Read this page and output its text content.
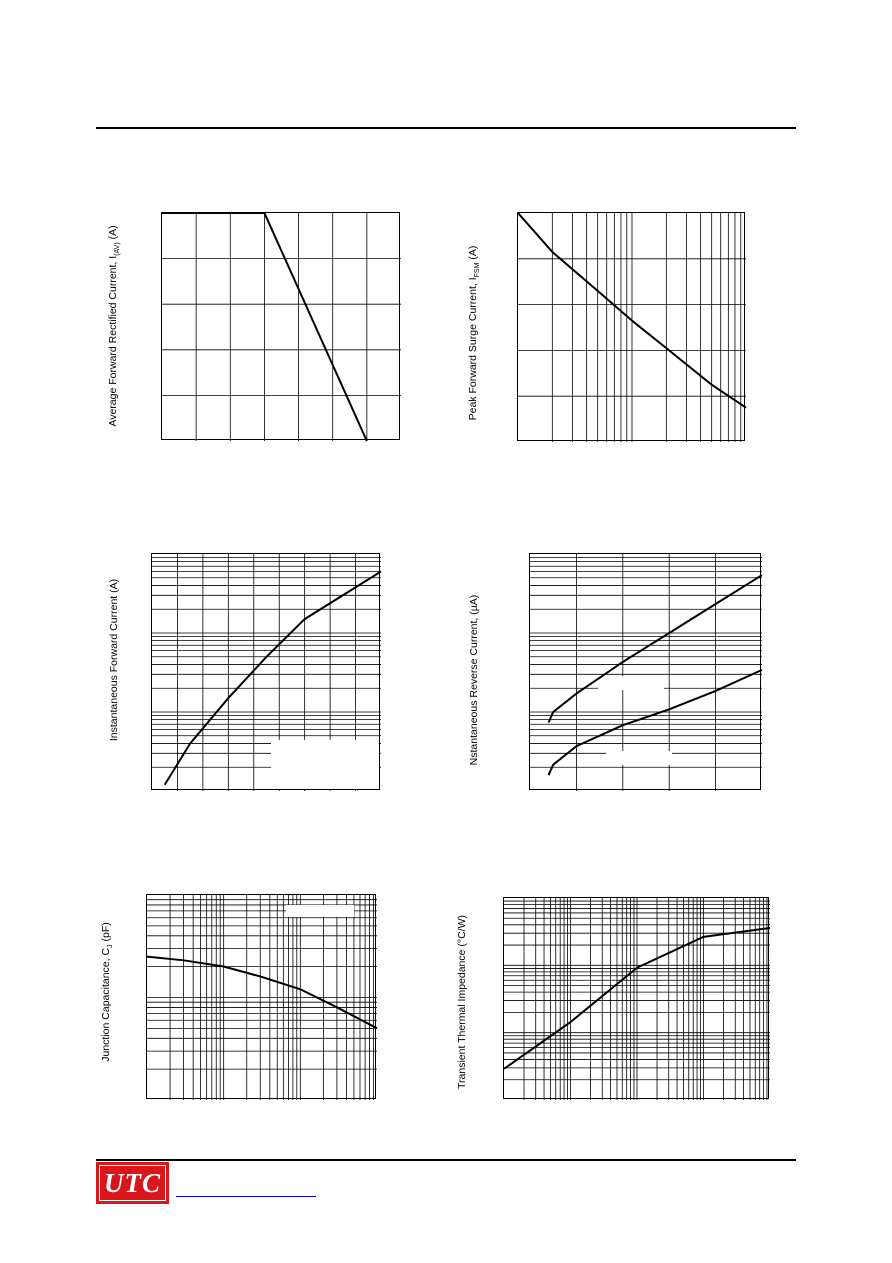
Average Forward Rectified Current, $I_{(AV)}$ (A)
Peak Forward Surge Current, $I_{FSM}$ (A)
Instantaneous Forward Current (A)	Nstantaneous Reverse Current, (µA)
Junction Capacitance, $C_J$ (pF)	Transient Thermal Impedance (°C/W)
UTC
